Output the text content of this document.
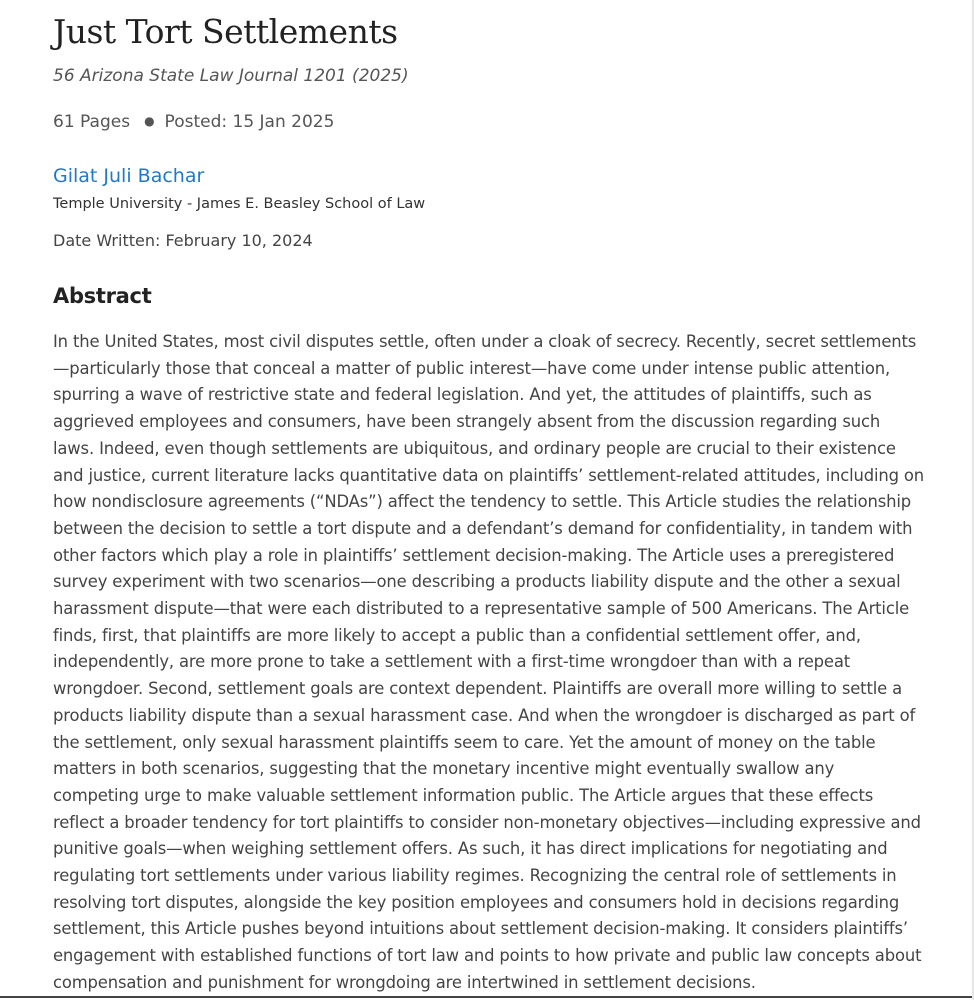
Just Tort Settlements
56 Arizona State Law Journal 1201 (2025)
61 Pages ● Posted: 15 Jan 2025
Gilat Juli Bachar
Temple University - James E. Beasley School of Law
Date Written: February 10, 2024
Abstract

In the United States, most civil disputes settle, often under a cloak of secrecy. Recently, secret settlements—particularly those that conceal a matter of public interest—have come under intense public attention, spurring a wave of restrictive state and federal legislation. And yet, the attitudes of plaintiffs, such as aggrieved employees and consumers, have been strangely absent from the discussion regarding such laws. Indeed, even though settlements are ubiquitous, and ordinary people are crucial to their existence and justice, current literature lacks quantitative data on plaintiffs’ settlement-related attitudes, including on how nondisclosure agreements (“NDAs”) affect the tendency to settle. This Article studies the relationship between the decision to settle a tort dispute and a defendant’s demand for confidentiality, in tandem with other factors which play a role in plaintiffs’ settlement decision-making. The Article uses a preregistered survey experiment with two scenarios—one describing a products liability dispute and the other a sexual harassment dispute—that were each distributed to a representative sample of 500 Americans. The Article finds, first, that plaintiffs are more likely to accept a public than a confidential settlement offer, and, independently, are more prone to take a settlement with a first-time wrongdoer than with a repeat wrongdoer. Second, settlement goals are context dependent. Plaintiffs are overall more willing to settle a products liability dispute than a sexual harassment case. And when the wrongdoer is discharged as part of the settlement, only sexual harassment plaintiffs seem to care. Yet the amount of money on the table matters in both scenarios, suggesting that the monetary incentive might eventually swallow any competing urge to make valuable settlement information public. The Article argues that these effects reflect a broader tendency for tort plaintiffs to consider non-monetary objectives—including expressive and punitive goals—when weighing settlement offers. As such, it has direct implications for negotiating and regulating tort settlements under various liability regimes. Recognizing the central role of settlements in resolving tort disputes, alongside the key position employees and consumers hold in decisions regarding settlement, this Article pushes beyond intuitions about settlement decision-making. It considers plaintiffs’ engagement with established functions of tort law and points to how private and public law concepts about compensation and punishment for wrongdoing are intertwined in settlement decisions.
